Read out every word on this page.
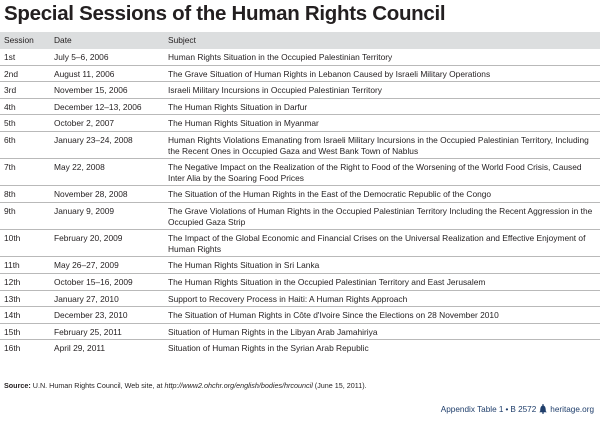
Special Sessions of the Human Rights Council
Session	Date	Subject
1st	July 5–6, 2006	Human Rights Situation in the Occupied Palestinian Territory
2nd	August 11, 2006	The Grave Situation of Human Rights in Lebanon Caused by Israeli Military Operations
3rd	November 15, 2006	Israeli Military Incursions in Occupied Palestinian Territory
4th	December 12–13, 2006	The Human Rights Situation in Darfur
5th	October 2, 2007	The Human Rights Situation in Myanmar
6th	January 23–24, 2008	Human Rights Violations Emanating from Israeli Military Incursions in the Occupied Palestinian Territory, Including the Recent Ones in Occupied Gaza and West Bank Town of Nablus
7th	May 22, 2008	The Negative Impact on the Realization of the Right to Food of the Worsening of the World Food Crisis, Caused Inter Alia by the Soaring Food Prices
8th	November 28, 2008	The Situation of the Human Rights in the East of the Democratic Republic of the Congo
9th	January 9, 2009	The Grave Violations of Human Rights in the Occupied Palestinian Territory Including the Recent Aggression in the Occupied Gaza Strip
10th	February 20, 2009	The Impact of the Global Economic and Financial Crises on the Universal Realization and Effective Enjoyment of Human Rights
11th	May 26–27, 2009	The Human Rights Situation in Sri Lanka
12th	October 15–16, 2009	The Human Rights Situation in the Occupied Palestinian Territory and East Jerusalem
13th	January 27, 2010	Support to Recovery Process in Haiti: A Human Rights Approach
14th	December 23, 2010	The Situation of Human Rights in Côte d'Ivoire Since the Elections on 28 November 2010
15th	February 25, 2011	Situation of Human Rights in the Libyan Arab Jamahiriya
16th	April 29, 2011	Situation of Human Rights in the Syrian Arab Republic
Source: U.N. Human Rights Council, Web site, at http://www2.ohchr.org/english/bodies/hrcouncil (June 15, 2011).
Appendix Table 1 • B 2572 heritage.org
